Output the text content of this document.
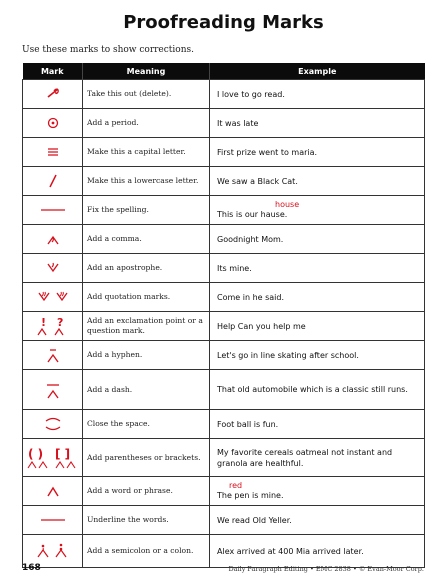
Proofreading Marks
Use these marks to show corrections.
Mark	Meaning	Example

	Take this out (delete).	I love to go read.

	Add a period.	It was late

	Make this a capital letter.	First prize went to maria.

	Make this a lowercase letter.	We saw a Black Cat.

	Fix the spelling.	house
This is our hause.

	Add a comma.	Goodnight Mom.

	Add an apostrophe.	Its mine.

	Add quotation marks.	Come in he said.

! ?	Add an exclamation point or a question mark.	Help Can you help me

	Add a hyphen.	Let's go in line skating after school.

	Add a dash.	That old automobile which is a classic still runs.

	Close the space.	Foot ball is fun.

( ) [ ]	Add parentheses or brackets.	My favorite cereals oatmeal not instant and granola are healthful.

	Add a word or phrase.	red
The pen is mine.

	Underline the words.	We read Old Yeller.

	Add a semicolon or a colon.	Alex arrived at 400 Mia arrived later.
168	Daily Paragraph Editing • EMC 2838 • © Evan-Moor Corp.
